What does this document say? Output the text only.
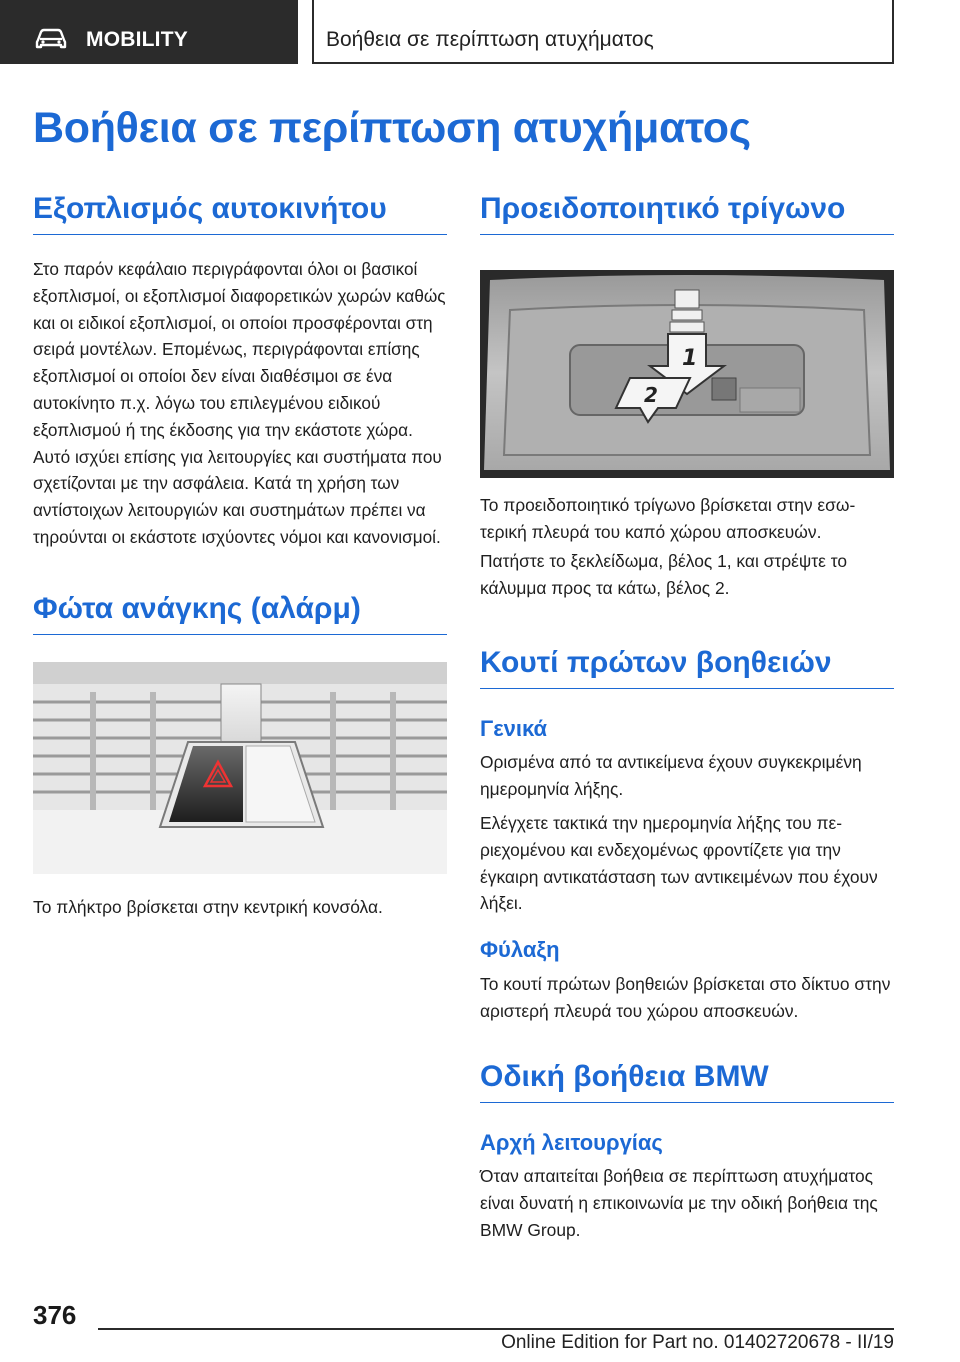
MOBILITY	Βοήθεια σε περίπτωση ατυχήματος
Βοήθεια σε περίπτωση ατυχήματος
Εξοπλισμός αυτοκινήτου

Στο παρόν κεφάλαιο περιγράφονται όλοι οι βασικοί εξοπλισμοί, οι εξοπλισμοί διαφορετικών χωρών καθώς και οι ειδικοί εξοπλισμοί, οι οποίοι προσφέρονται στη σειρά μοντέλων. Επομένως, περιγράφονται επίσης εξοπλισμοί οι οποίοι δεν είναι διαθέσιμοι σε ένα αυτοκίνητο π.χ. λόγω του επιλεγμένου ειδικού εξοπλισμού ή της έκδοσης για την εκάστοτε χώρα. Αυτό ισχύει επίσης για λειτουργίες και συστήματα που σχετίζονται με την ασφάλεια. Κατά τη χρήση των αντίστοιχων λειτουργιών και συστημάτων πρέπει να τηρούνται οι εκάστοτε ισχύοντες νόμοι και κανονισμοί.

Φώτα ανάγκης (αλάρμ)

Το πλήκτρο βρίσκεται στην κεντρική κονσόλα.

Προειδοποιητικό τρίγωνο
1
2

Το προειδοποιητικό τρίγωνο βρίσκεται στην εσωτερική πλευρά του καπό χώρου αποσκευών.

Πατήστε το ξεκλείδωμα, βέλος 1, και στρέψτε το κάλυμμα προς τα κάτω, βέλος 2.

Κουτί πρώτων βοηθειών
Γενικά

Ορισμένα από τα αντικείμενα έχουν συγκεκριμένη ημερομηνία λήξης.

Ελέγχετε τακτικά την ημερομηνία λήξης του περιεχομένου και ενδεχομένως φροντίζετε για την έγκαιρη αντικατάσταση των αντικειμένων που έχουν λήξει.

Φύλαξη

Το κουτί πρώτων βοηθειών βρίσκεται στο δίκτυο στην αριστερή πλευρά του χώρου αποσκευών.

Οδική βοήθεια BMW
Αρχή λειτουργίας

Όταν απαιτείται βοήθεια σε περίπτωση ατυχήματος είναι δυνατή η επικοινωνία με την οδική βοήθεια της BMW Group.

376
Online Edition for Part no. 01402720678 - II/19
